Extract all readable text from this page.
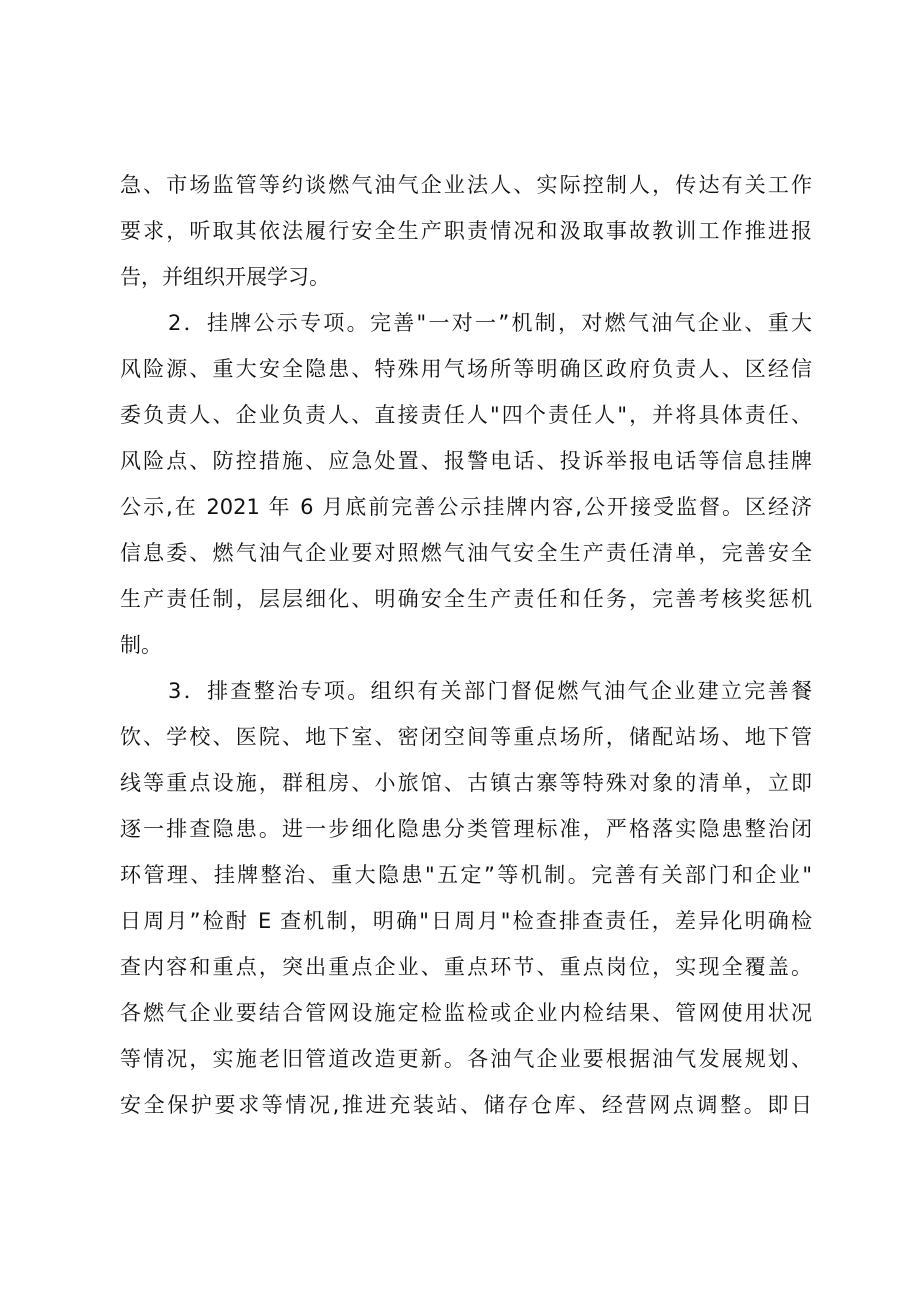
急、市场监管等约谈燃气油气企业法人、实际控制人，传达有关工作
要求，听取其依法履行安全生产职责情况和汲取事故教训工作推进报
告，并组织开展学习。
2．挂牌公示专项。完善"一对一”机制，对燃气油气企业、重大
风险源、重大安全隐患、特殊用气场所等明确区政府负责人、区经信
委负责人、企业负责人、直接责任人"四个责任人"，并将具体责任、
风险点、防控措施、应急处置、报警电话、投诉举报电话等信息挂牌
公示,在 2021 年 6 月底前完善公示挂牌内容,公开接受监督。区经济
信息委、燃气油气企业要对照燃气油气安全生产责任清单，完善安全
生产责任制，层层细化、明确安全生产责任和任务，完善考核奖惩机
制。
3．排查整治专项。组织有关部门督促燃气油气企业建立完善餐
饮、学校、医院、地下室、密闭空间等重点场所，储配站场、地下管
线等重点设施，群租房、小旅馆、古镇古寨等特殊对象的清单，立即
逐一排查隐患。进一步细化隐患分类管理标准，严格落实隐患整治闭
环管理、挂牌整治、重大隐患"五定”等机制。完善有关部门和企业"
日周月”检酎 E 查机制，明确"日周月"检查排查责任，差异化明确检
查内容和重点，突出重点企业、重点环节、重点岗位，实现全覆盖。
各燃气企业要结合管网设施定检监检或企业内检结果、管网使用状况
等情况，实施老旧管道改造更新。各油气企业要根据油气发展规划、
安全保护要求等情况,推进充装站、储存仓库、经营网点调整。即日
